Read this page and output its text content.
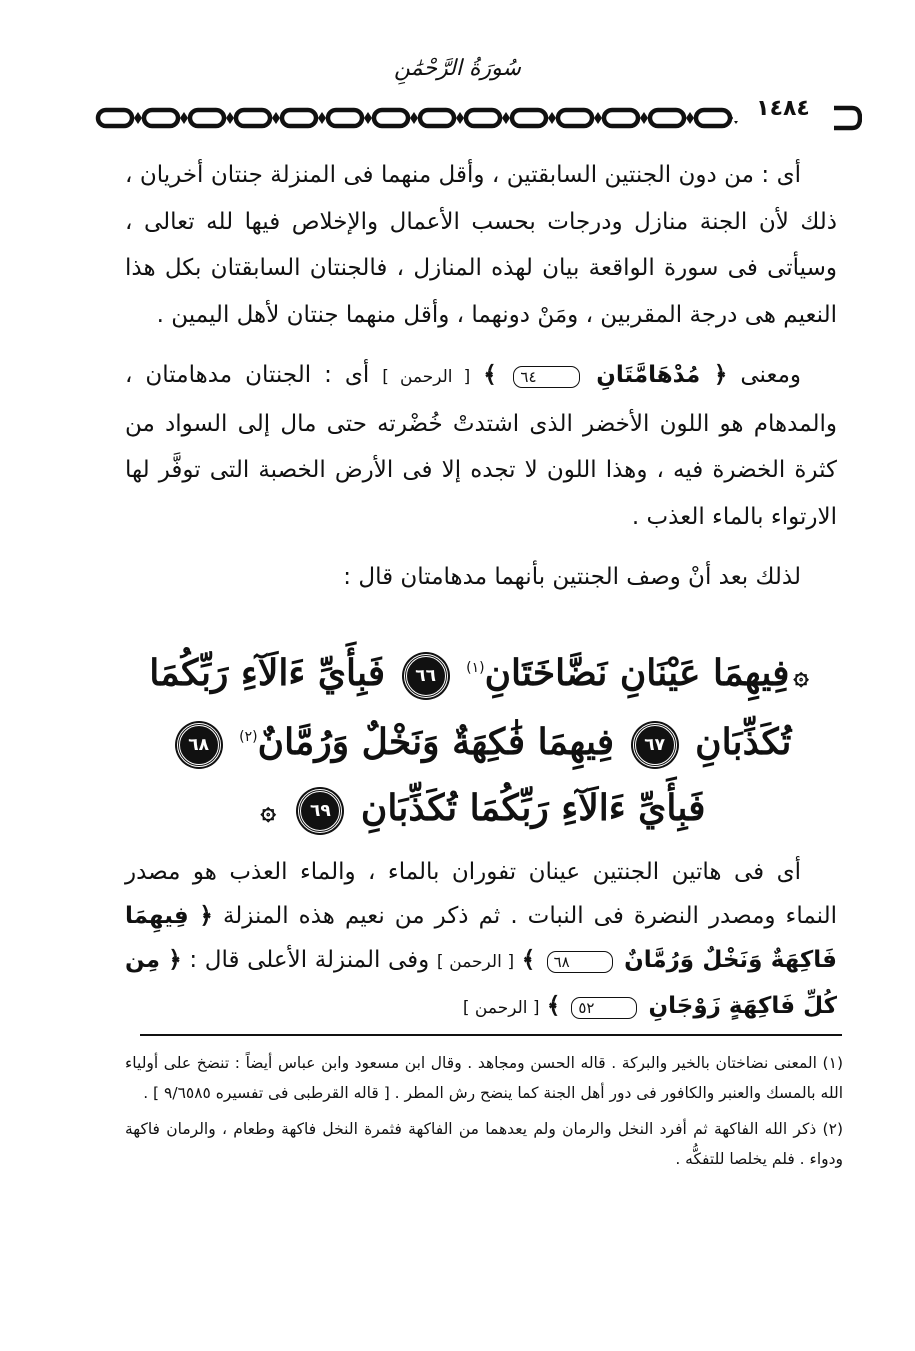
سُورَةُ الرَّحْمَٰنِ
١٤٨٤

أى : من دون الجنتين السابقتين ، وأقل منهما فى المنزلة جنتان أخريان ، ذلك لأن الجنة منازل ودرجات بحسب الأعمال والإخلاص فيها لله تعالى ، وسيأتى فى سورة الواقعة بيان لهذه المنازل ، فالجنتان السابقتان بكل هذا النعيم هى درجة المقربين ، ومَنْ دونهما ، وأقل منهما جنتان لأهل اليمين .

ومعنى ﴿ مُدْهَامَّتَانِ ٦٤ ﴾ [ الرحمن ] أى : الجنتان مدهامتان ، والمدهام هو اللون الأخضر الذى اشتدتْ خُضْرته حتى مال إلى السواد من كثرة الخضرة فيه ، وهذا اللون لا تجده إلا فى الأرض الخصبة التى توفَّر لها الارتواء بالماء العذب .

لذلك بعد أنْ وصف الجنتين بأنهما مدهامتان قال :

۞فِيهِمَا عَيْنَانِ نَضَّاخَتَانِ$^{(١)}$ ٦٦ فَبِأَيِّ ءَالَآءِ رَبِّكُمَا
تُكَذِّبَانِ ٦٧ فِيهِمَا فَٰكِهَةٌ وَنَخْلٌ وَرُمَّانٌ$^{(٢)}$ ٦٨
فَبِأَيِّ ءَالَآءِ رَبِّكُمَا تُكَذِّبَانِ ٦٩ ۞

أى فى هاتين الجنتين عينان تفوران بالماء ، والماء العذب هو مصدر النماء ومصدر النضرة فى النبات . ثم ذكر من نعيم هذه المنزلة ﴿ فِيهِمَا فَاكِهَةٌ وَنَخْلٌ وَرُمَّانٌ ٦٨ ﴾ [ الرحمن ] وفى المنزلة الأعلى قال : ﴿ مِن كُلِّ فَاكِهَةٍ زَوْجَانِ ٥٢ ﴾ [ الرحمن ]

(١) المعنى نضاختان بالخير والبركة . قاله الحسن ومجاهد . وقال ابن مسعود وابن عباس أيضاً : تنضخ على أولياء الله بالمسك والعنبر والكافور فى دور أهل الجنة كما ينضح رش المطر . [ قاله القرطبى فى تفسيره ٩/٦٥٨٥ ] .

(٢) ذكر الله الفاكهة ثم أفرد النخل والرمان ولم يعدهما من الفاكهة فثمرة النخل فاكهة وطعام ، والرمان فاكهة ودواء . فلم يخلصا للتفكُّه .
